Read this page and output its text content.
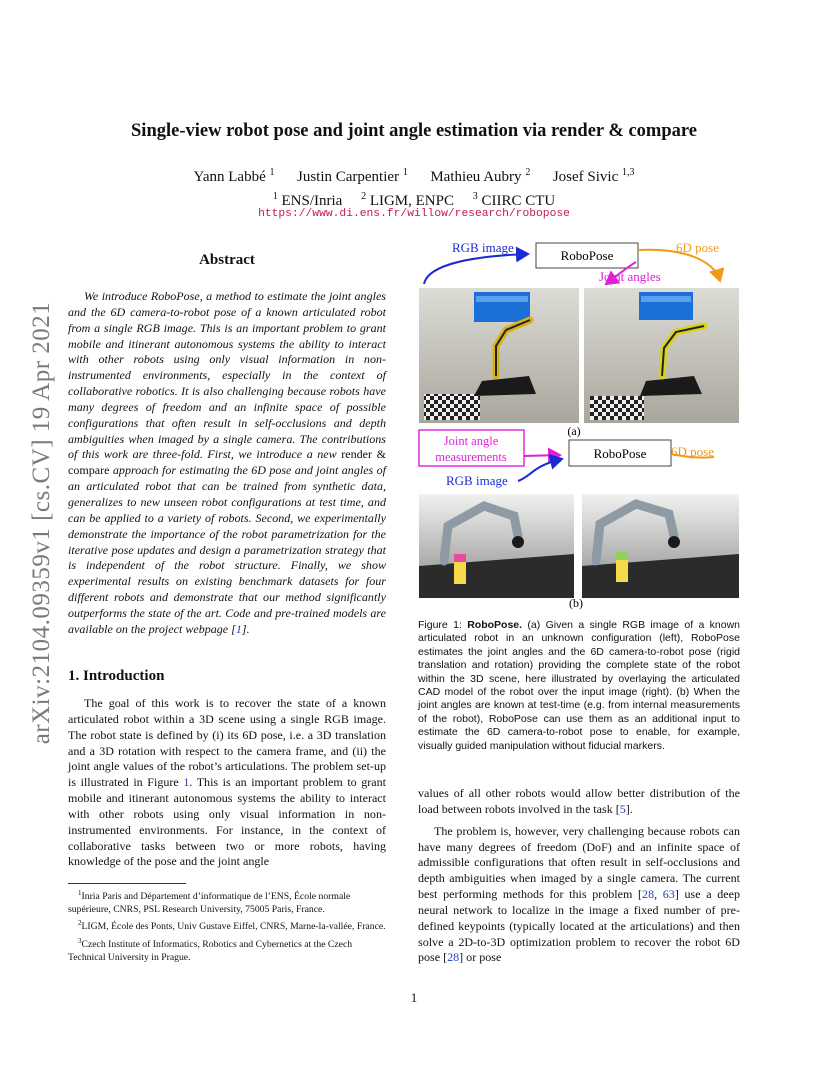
arXiv:2104.09359v1 [cs.CV] 19 Apr 2021
Single-view robot pose and joint angle estimation via render & compare
Yann Labbé $^1$ Justin Carpentier $^1$ Mathieu Aubry $^2$ Josef Sivic $^{1,3}$
$^1$ ENS/Inria $^2$ LIGM, ENPC $^3$ CIIRC CTU
https://www.di.ens.fr/willow/research/robopose
Abstract

We introduce RoboPose, a method to estimate the joint angles and the 6D camera-to-robot pose of a known articulated robot from a single RGB image. This is an important problem to grant mobile and itinerant autonomous systems the ability to interact with other robots using only visual information in non-instrumented environments, especially in the context of collaborative robotics. It is also challenging because robots have many degrees of freedom and an infinite space of possible configurations that often result in self-occlusions and depth ambiguities when imaged by a single camera. The contributions of this work are three-fold. First, we introduce a new render & compare approach for estimating the 6D pose and joint angles of an articulated robot that can be trained from synthetic data, generalizes to new unseen robot configurations at test time, and can be applied to a variety of robots. Second, we experimentally demonstrate the importance of the robot parametrization for the iterative pose updates and design a parametrization strategy that is independent of the robot structure. Finally, we show experimental results on existing benchmark datasets for four different robots and demonstrate that our method significantly outperforms the state of the art. Code and pre-trained models are available on the project webpage [1].

1. Introduction

The goal of this work is to recover the state of a known articulated robot within a 3D scene using a single RGB image. The robot state is defined by (i) its 6D pose, i.e. a 3D translation and a 3D rotation with respect to the camera frame, and (ii) the joint angle values of the robot’s articulations. The problem set-up is illustrated in Figure 1. This is an important problem to grant mobile and itinerant autonomous systems the ability to interact with other robots using only visual information in non-instrumented environments. For instance, in the context of collaborative tasks between two or more robots, having knowledge of the pose and the joint angle

$^1$Inria Paris and Département d’informatique de l’ENS, École normale supérieure, CNRS, PSL Research University, 75005 Paris, France.

$^2$LIGM, École des Ponts, Univ Gustave Eiffel, CNRS, Marne-la-vallée, France.

$^3$Czech Institute of Informatics, Robotics and Cybernetics at the Czech Technical University in Prague.

RGB image
RoboPose
6D pose
Joint angles
(a)
Joint angle
measurements	RoboPose
RGB image
6D pose
(b)
Figure 1: RoboPose. (a) Given a single RGB image of a known articulated robot in an unknown configuration (left), RoboPose estimates the joint angles and the 6D camera-to-robot pose (rigid translation and rotation) providing the complete state of the robot within the 3D scene, here illustrated by overlaying the articulated CAD model of the robot over the input image (right). (b) When the joint angles are known at test-time (e.g. from internal measurements of the robot), RoboPose can use them as an additional input to estimate the 6D camera-to-robot pose to enable, for example, visually guided manipulation without fiducial markers.

values of all other robots would allow better distribution of the load between robots involved in the task [5].

The problem is, however, very challenging because robots can have many degrees of freedom (DoF) and an infinite space of admissible configurations that often result in self-occlusions and depth ambiguities when imaged by a single camera. The current best performing methods for this problem [28, 63] use a deep neural network to localize in the image a fixed number of pre-defined keypoints (typically located at the articulations) and then solve a 2D-to-3D optimization problem to recover the robot 6D pose [28] or pose

1
